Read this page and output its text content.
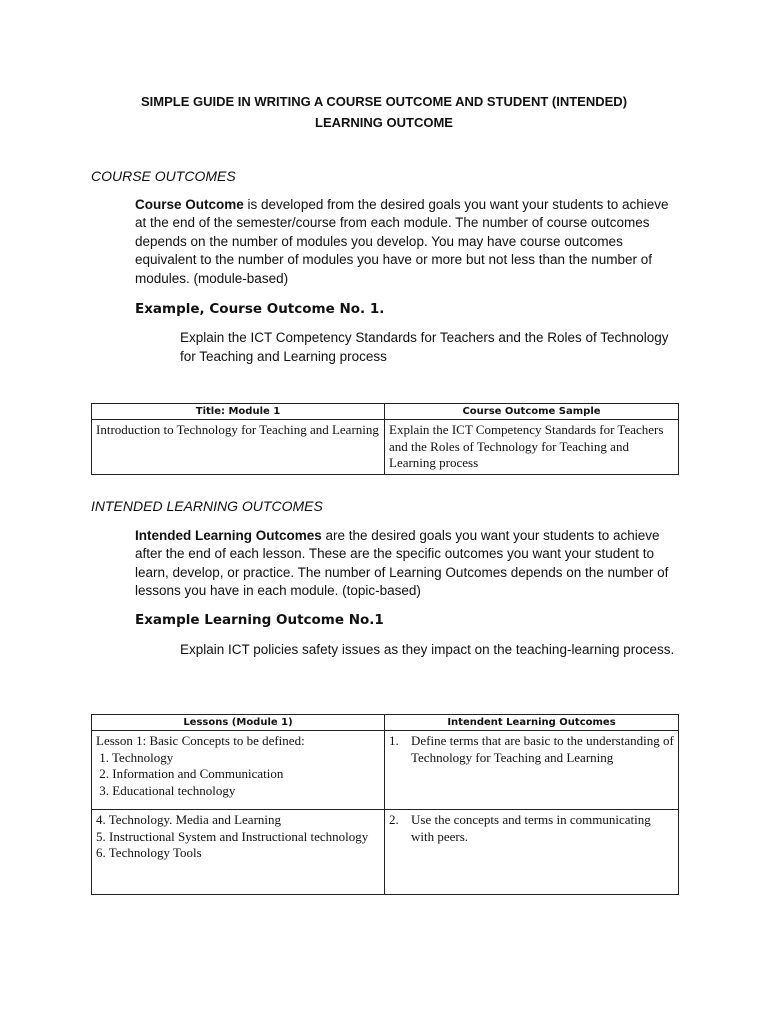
SIMPLE GUIDE IN WRITING A COURSE OUTCOME AND STUDENT (INTENDED)
LEARNING OUTCOME
COURSE OUTCOMES
Course Outcome is developed from the desired goals you want your students to achieve at the end of the semester/course from each module. The number of course outcomes depends on the number of modules you develop. You may have course outcomes equivalent to the number of modules you have or more but not less than the number of modules. (module-based)
Example, Course Outcome No. 1.
Explain the ICT Competency Standards for Teachers and the Roles of Technology for Teaching and Learning process
Title: Module 1	Course Outcome Sample
Introduction to Technology for Teaching and Learning	Explain the ICT Competency Standards for Teachers and the Roles of Technology for Teaching and Learning process
INTENDED LEARNING OUTCOMES
Intended Learning Outcomes are the desired goals you want your students to achieve after the end of each lesson. These are the specific outcomes you want your student to learn, develop, or practice. The number of Learning Outcomes depends on the number of lessons you have in each module. (topic-based)
Example Learning Outcome No.1
Explain ICT policies safety issues as they impact on the teaching-learning process.
Lessons (Module 1)	Intendent Learning Outcomes

Lesson 1: Basic Concepts to be defined:
1. Technology
2. Information and Communication
3. Educational technology	1. Define terms that are basic to the understanding of Technology for Teaching and Learning

4. Technology. Media and Learning
5. Instructional System and Instructional technology
6. Technology Tools	2. Use the concepts and terms in communicating with peers.
